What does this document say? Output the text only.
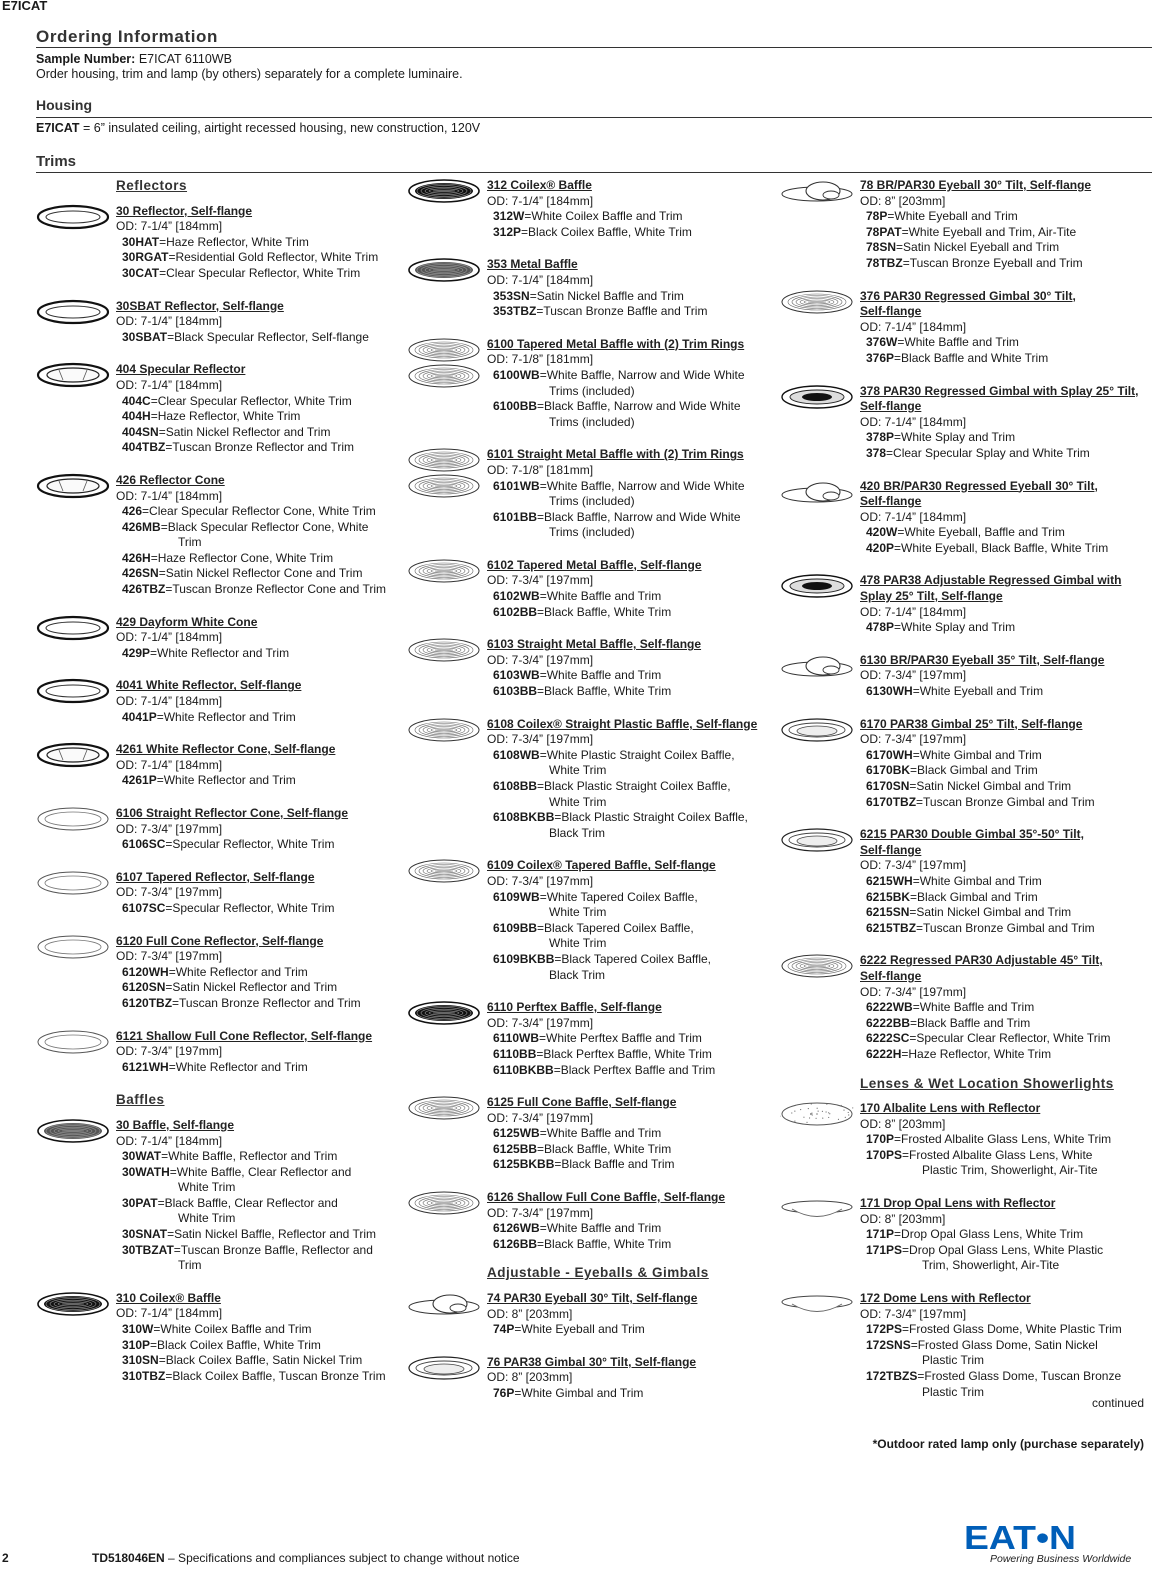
E7ICAT
Ordering Information
Sample Number: E7ICAT 6110WB
Order housing, trim and lamp (by others) separately for a complete luminaire.
Housing
E7ICAT = 6” insulated ceiling, airtight recessed housing, new construction, 120V
Trims
Reflectors
30 Reflector, Self-flange
OD: 7-1/4” [184mm]
30HAT=Haze Reflector, White Trim
30RGAT=Residential Gold Reflector, White Trim
30CAT=Clear Specular Reflector, White Trim
30SBAT Reflector, Self-flange
OD: 7-1/4” [184mm]
30SBAT=Black Specular Reflector, Self-flange
404 Specular Reflector
OD: 7-1/4” [184mm]
404C=Clear Specular Reflector, White Trim
404H=Haze Reflector, White Trim
404SN=Satin Nickel Reflector and Trim
404TBZ=Tuscan Bronze Reflector and Trim
426 Reflector Cone
OD: 7-1/4” [184mm]
426=Clear Specular Reflector Cone, White Trim
426MB=Black Specular Reflector Cone, White
Trim
426H=Haze Reflector Cone, White Trim
426SN=Satin Nickel Reflector Cone and Trim
426TBZ=Tuscan Bronze Reflector Cone and Trim
429 Dayform White Cone
OD: 7-1/4” [184mm]
429P=White Reflector and Trim
4041 White Reflector, Self-flange
OD: 7-1/4” [184mm]
4041P=White Reflector and Trim
4261 White Reflector Cone, Self-flange
OD: 7-1/4” [184mm]
4261P=White Reflector and Trim
6106 Straight Reflector Cone, Self-flange
OD: 7-3/4” [197mm]
6106SC=Specular Reflector, White Trim
6107 Tapered Reflector, Self-flange
OD: 7-3/4” [197mm]
6107SC=Specular Reflector, White Trim
6120 Full Cone Reflector, Self-flange
OD: 7-3/4” [197mm]
6120WH=White Reflector and Trim
6120SN=Satin Nickel Reflector and Trim
6120TBZ=Tuscan Bronze Reflector and Trim
6121 Shallow Full Cone Reflector, Self-flange
OD: 7-3/4” [197mm]
6121WH=White Reflector and Trim
Baffles
30 Baffle, Self-flange
OD: 7-1/4” [184mm]
30WAT=White Baffle, Reflector and Trim
30WATH=White Baffle, Clear Reflector and
White Trim
30PAT=Black Baffle, Clear Reflector and
White Trim
30SNAT=Satin Nickel Baffle, Reflector and Trim
30TBZAT=Tuscan Bronze Baffle, Reflector and
Trim
310 Coilex® Baffle
OD: 7-1/4” [184mm]
310W=White Coilex Baffle and Trim
310P=Black Coilex Baffle, White Trim
310SN=Black Coilex Baffle, Satin Nickel Trim
310TBZ=Black Coilex Baffle, Tuscan Bronze Trim
312 Coilex® Baffle
OD: 7-1/4” [184mm]
312W=White Coilex Baffle and Trim
312P=Black Coilex Baffle, White Trim
353 Metal Baffle
OD: 7-1/4” [184mm]
353SN=Satin Nickel Baffle and Trim
353TBZ=Tuscan Bronze Baffle and Trim
6100 Tapered Metal Baffle with (2) Trim Rings
OD: 7-1/8” [181mm]
6100WB=White Baffle, Narrow and Wide White
Trims (included)
6100BB=Black Baffle, Narrow and Wide White
Trims (included)
6101 Straight Metal Baffle with (2) Trim Rings
OD: 7-1/8” [181mm]
6101WB=White Baffle, Narrow and Wide White
Trims (included)
6101BB=Black Baffle, Narrow and Wide White
Trims (included)
6102 Tapered Metal Baffle, Self-flange
OD: 7-3/4” [197mm]
6102WB=White Baffle and Trim
6102BB=Black Baffle, White Trim
6103 Straight Metal Baffle, Self-flange
OD: 7-3/4” [197mm]
6103WB=White Baffle and Trim
6103BB=Black Baffle, White Trim
6108 Coilex® Straight Plastic Baffle, Self-flange
OD: 7-3/4” [197mm]
6108WB=White Plastic Straight Coilex Baffle,
White Trim
6108BB=Black Plastic Straight Coilex Baffle,
White Trim
6108BKBB=Black Plastic Straight Coilex Baffle,
Black Trim
6109 Coilex® Tapered Baffle, Self-flange
OD: 7-3/4” [197mm]
6109WB=White Tapered Coilex Baffle,
White Trim
6109BB=Black Tapered Coilex Baffle,
White Trim
6109BKBB=Black Tapered Coilex Baffle,
Black Trim
6110 Perftex Baffle, Self-flange
OD: 7-3/4” [197mm]
6110WB=White Perftex Baffle and Trim
6110BB=Black Perftex Baffle, White Trim
6110BKBB=Black Perftex Baffle and Trim
6125 Full Cone Baffle, Self-flange
OD: 7-3/4” [197mm]
6125WB=White Baffle and Trim
6125BB=Black Baffle, White Trim
6125BKBB=Black Baffle and Trim
6126 Shallow Full Cone Baffle, Self-flange
OD: 7-3/4” [197mm]
6126WB=White Baffle and Trim
6126BB=Black Baffle, White Trim
Adjustable - Eyeballs & Gimbals
74 PAR30 Eyeball 30° Tilt, Self-flange
OD: 8” [203mm]
74P=White Eyeball and Trim
76 PAR38 Gimbal 30° Tilt, Self-flange
OD: 8” [203mm]
76P=White Gimbal and Trim
78 BR/PAR30 Eyeball 30° Tilt, Self-flange
OD: 8” [203mm]
78P=White Eyeball and Trim
78PAT=White Eyeball and Trim, Air-Tite
78SN=Satin Nickel Eyeball and Trim
78TBZ=Tuscan Bronze Eyeball and Trim
376 PAR30 Regressed Gimbal 30° Tilt,
Self-flange
OD: 7-1/4” [184mm]
376W=White Baffle and Trim
376P=Black Baffle and White Trim
378 PAR30 Regressed Gimbal with Splay 25° Tilt,
Self-flange
OD: 7-1/4” [184mm]
378P=White Splay and Trim
378=Clear Specular Splay and White Trim
420 BR/PAR30 Regressed Eyeball 30° Tilt,
Self-flange
OD: 7-1/4” [184mm]
420W=White Eyeball, Baffle and Trim
420P=White Eyeball, Black Baffle, White Trim
478 PAR38 Adjustable Regressed Gimbal with
Splay 25° Tilt, Self-flange
OD: 7-1/4” [184mm]
478P=White Splay and Trim
6130 BR/PAR30 Eyeball 35° Tilt, Self-flange
OD: 7-3/4” [197mm]
6130WH=White Eyeball and Trim
6170 PAR38 Gimbal 25° Tilt, Self-flange
OD: 7-3/4” [197mm]
6170WH=White Gimbal and Trim
6170BK=Black Gimbal and Trim
6170SN=Satin Nickel Gimbal and Trim
6170TBZ=Tuscan Bronze Gimbal and Trim
6215 PAR30 Double Gimbal 35°-50° Tilt,
Self-flange
OD: 7-3/4” [197mm]
6215WH=White Gimbal and Trim
6215BK=Black Gimbal and Trim
6215SN=Satin Nickel Gimbal and Trim
6215TBZ=Tuscan Bronze Gimbal and Trim
6222 Regressed PAR30 Adjustable 45° Tilt,
Self-flange
OD: 7-3/4” [197mm]
6222WB=White Baffle and Trim
6222BB=Black Baffle and Trim
6222SC=Specular Clear Reflector, White Trim
6222H=Haze Reflector, White Trim
Lenses & Wet Location Showerlights
170 Albalite Lens with Reflector
OD: 8” [203mm]
170P=Frosted Albalite Glass Lens, White Trim
170PS=Frosted Albalite Glass Lens, White
Plastic Trim, Showerlight, Air-Tite
171 Drop Opal Lens with Reflector
OD: 8” [203mm]
171P=Drop Opal Glass Lens, White Trim
171PS=Drop Opal Glass Lens, White Plastic
Trim, Showerlight, Air-Tite
172 Dome Lens with Reflector
OD: 7-3/4” [197mm]
172PS=Frosted Glass Dome, White Plastic Trim
172SNS=Frosted Glass Dome, Satin Nickel
Plastic Trim
172TBZS=Frosted Glass Dome, Tuscan Bronze
Plastic Trim
continued
*Outdoor rated lamp only (purchase separately)
2	TD518046EN – Specifications and compliances subject to change without notice
EAT•N
Powering Business Worldwide
